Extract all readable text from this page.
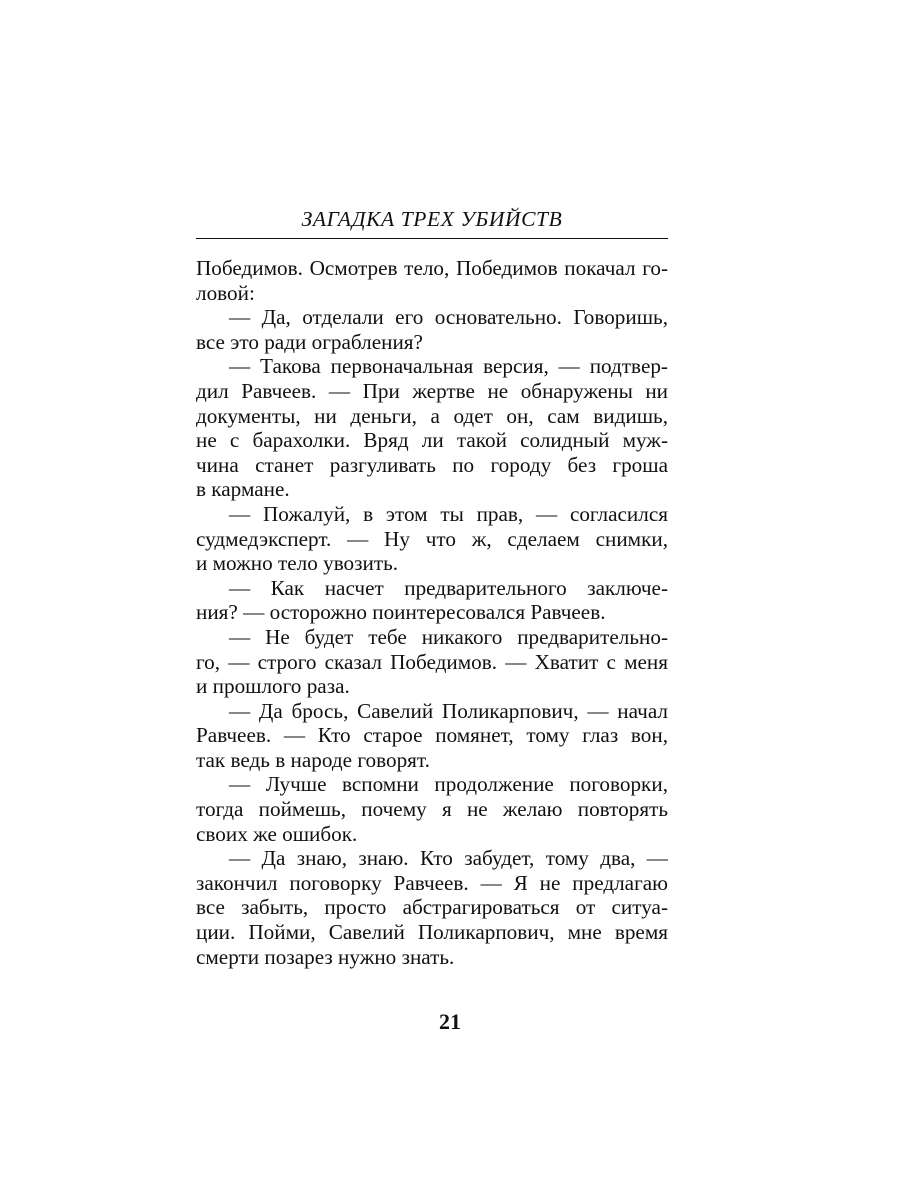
ЗАГАДКА ТРЕХ УБИЙСТВ
Победимов. Осмотрев тело, Победимов покачал го-
ловой:
— Да, отделали его основательно. Говоришь,
все это ради ограбления?
— Такова первоначальная версия, — подтвер-
дил Равчеев. — При жертве не обнаружены ни
документы, ни деньги, а одет он, сам видишь,
не с барахолки. Вряд ли такой солидный муж-
чина станет разгуливать по городу без гроша
в кармане.
— Пожалуй, в этом ты прав, — согласился
судмедэксперт. — Ну что ж, сделаем снимки,
и можно тело увозить.
— Как насчет предварительного заключе-
ния? — осторожно поинтересовался Равчеев.
— Не будет тебе никакого предварительно-
го, — строго сказал Победимов. — Хватит с меня
и прошлого раза.
— Да брось, Савелий Поликарпович, — начал
Равчеев. — Кто старое помянет, тому глаз вон,
так ведь в народе говорят.
— Лучше вспомни продолжение поговорки,
тогда поймешь, почему я не желаю повторять
своих же ошибок.
— Да знаю, знаю. Кто забудет, тому два, —
закончил поговорку Равчеев. — Я не предлагаю
все забыть, просто абстрагироваться от ситуа-
ции. Пойми, Савелий Поликарпович, мне время
смерти позарез нужно знать.
21
